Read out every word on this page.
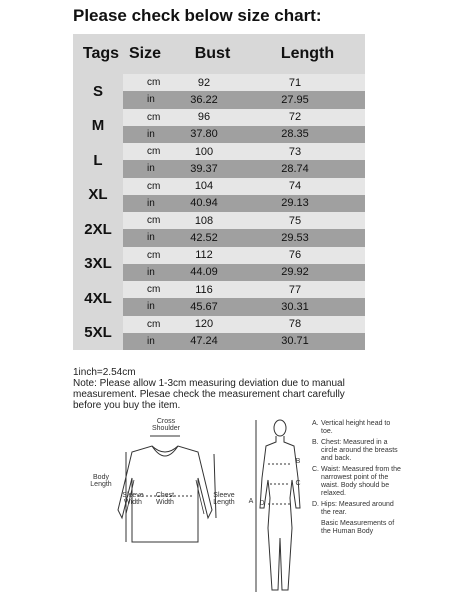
Please check below size chart:
Tags Size	Bust	Length
S
cm	92	71
in	36.22	27.95
M
cm	96	72
in	37.80	28.35
L
cm	100	73
in	39.37	28.74
XL
cm	104	74
in	40.94	29.13
2XL
cm	108	75
in	42.52	29.53
3XL
cm	112	76
in	44.09	29.92
4XL
cm	116	77
in	45.67	30.31
5XL
cm	120	78
in	47.24	30.71
1inch=2.54cm
Note: Please allow 1-3cm measuring deviation due to manual
measurement. Plesae check the measurement chart carefully
before you buy the item.
Cross Shoulder
Body Length
Sleeve Width
Chest Width
Sleeve Length	A
B
C
D
A. Vertical height head to toe.
B. Chest: Measured in a circle around the breasts and back.
C. Waist: Measured from the narrowest point of the waist. Body should be relaxed.
D. Hips: Measured around the rear.
Basic Measurements of the Human Body
